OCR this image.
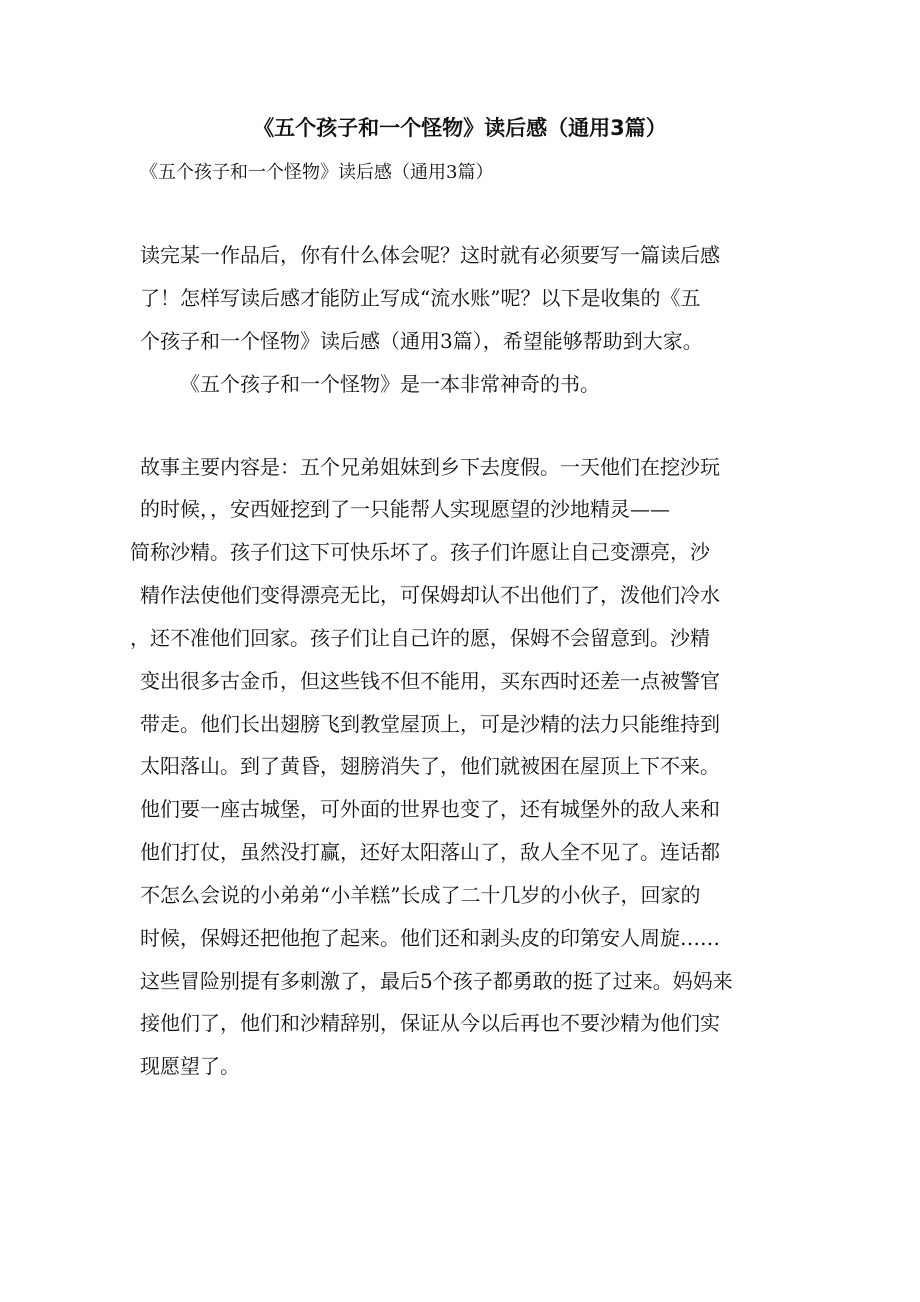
《五个孩子和一个怪物》读后感（通用3篇）
《五个孩子和一个怪物》读后感（通用3篇）
读完某一作品后，你有什么体会呢？这时就有必须要写一篇读后感
了！怎样写读后感才能防止写成“流水账”呢？以下是收集的《五
个孩子和一个怪物》读后感（通用3篇），希望能够帮助到大家。
《五个孩子和一个怪物》是一本非常神奇的书。
故事主要内容是：五个兄弟姐妹到乡下去度假。一天他们在挖沙玩
的时候，，安西娅挖到了一只能帮人实现愿望的沙地精灵——
简称沙精。孩子们这下可快乐坏了。孩子们许愿让自己变漂亮，沙
精作法使他们变得漂亮无比，可保姆却认不出他们了，泼他们冷水
，还不准他们回家。孩子们让自己许的愿，保姆不会留意到。沙精
变出很多古金币，但这些钱不但不能用，买东西时还差一点被警官
带走。他们长出翅膀飞到教堂屋顶上，可是沙精的法力只能维持到
太阳落山。到了黄昏，翅膀消失了，他们就被困在屋顶上下不来。
他们要一座古城堡，可外面的世界也变了，还有城堡外的敌人来和
他们打仗，虽然没打赢，还好太阳落山了，敌人全不见了。连话都
不怎么会说的小弟弟“小羊糕”长成了二十几岁的小伙子，回家的
时候，保姆还把他抱了起来。他们还和剥头皮的印第安人周旋……
这些冒险别提有多刺激了，最后5个孩子都勇敢的挺了过来。妈妈来
接他们了，他们和沙精辞别，保证从今以后再也不要沙精为他们实
现愿望了。
